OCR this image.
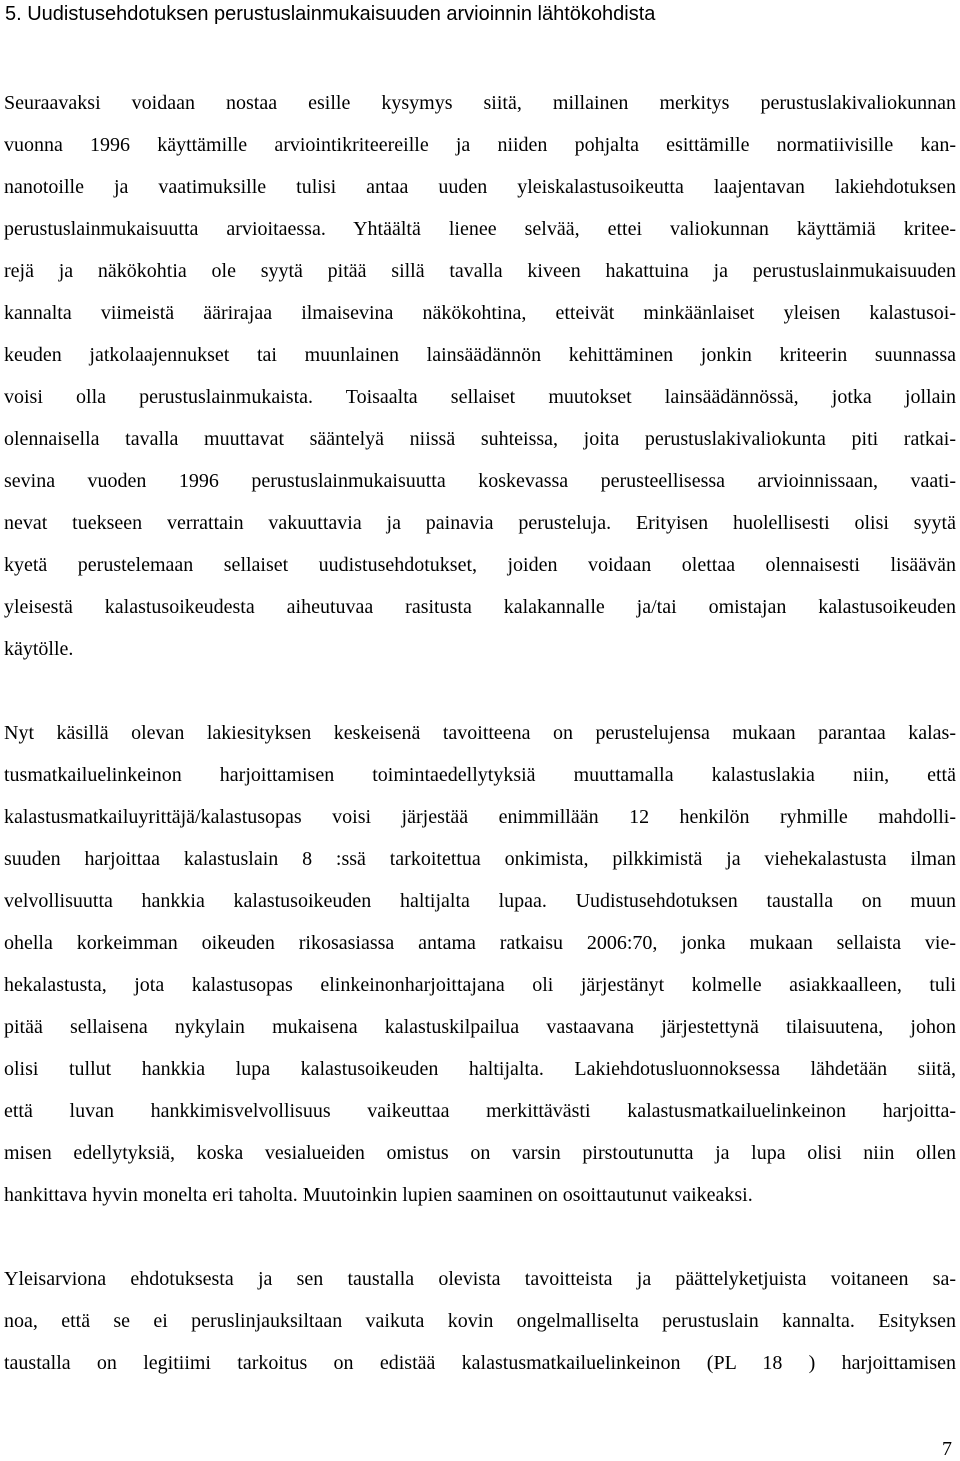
5. Uudistusehdotuksen perustuslainmukaisuuden arvioinnin lähtökohdista
Seuraavaksi voidaan nostaa esille kysymys siitä, millainen merkitys perustuslakivaliokunnan
vuonna 1996 käyttämille arviointikriteereille ja niiden pohjalta esittämille normatiivisille kan-
nanotoille ja vaatimuksille tulisi antaa uuden yleiskalastusoikeutta laajentavan lakiehdotuksen
perustuslainmukaisuutta arvioitaessa. Yhtäältä lienee selvää, ettei valiokunnan käyttämiä kritee-
rejä ja näkökohtia ole syytä pitää sillä tavalla kiveen hakattuina ja perustuslainmukaisuuden
kannalta viimeistä äärirajaa ilmaisevina näkökohtina, etteivät minkäänlaiset yleisen kalastusoi-
keuden jatkolaajennukset tai muunlainen lainsäädännön kehittäminen jonkin kriteerin suunnassa
voisi olla perustuslainmukaista. Toisaalta sellaiset muutokset lainsäädännössä, jotka jollain
olennaisella tavalla muuttavat sääntelyä niissä suhteissa, joita perustuslakivaliokunta piti ratkai-
sevina vuoden 1996 perustuslainmukaisuutta koskevassa perusteellisessa arvioinnissaan, vaati-
nevat tuekseen verrattain vakuuttavia ja painavia perusteluja. Erityisen huolellisesti olisi syytä
kyetä perustelemaan sellaiset uudistusehdotukset, joiden voidaan olettaa olennaisesti lisäävän
yleisestä kalastusoikeudesta aiheutuvaa rasitusta kalakannalle ja/tai omistajan kalastusoikeuden
käytölle.
Nyt käsillä olevan lakiesityksen keskeisenä tavoitteena on perustelujensa mukaan parantaa kalas-
tusmatkailuelinkeinon harjoittamisen toimintaedellytyksiä muuttamalla kalastuslakia niin, että
kalastusmatkailuyrittäjä/kalastusopas voisi järjestää enimmillään 12 henkilön ryhmille mahdolli-
suuden harjoittaa kalastuslain 8 :ssä tarkoitettua onkimista, pilkkimistä ja viehekalastusta ilman
velvollisuutta hankkia kalastusoikeuden haltijalta lupaa. Uudistusehdotuksen taustalla on muun
ohella korkeimman oikeuden rikosasiassa antama ratkaisu 2006:70, jonka mukaan sellaista vie-
hekalastusta, jota kalastusopas elinkeinonharjoittajana oli järjestänyt kolmelle asiakkaalleen, tuli
pitää sellaisena nykylain mukaisena kalastuskilpailua vastaavana järjestettynä tilaisuutena, johon
olisi tullut hankkia lupa kalastusoikeuden haltijalta. Lakiehdotusluonnoksessa lähdetään siitä,
että luvan hankkimisvelvollisuus vaikeuttaa merkittävästi kalastusmatkailuelinkeinon harjoitta-
misen edellytyksiä, koska vesialueiden omistus on varsin pirstoutunutta ja lupa olisi niin ollen
hankittava hyvin monelta eri taholta. Muutoinkin lupien saaminen on osoittautunut vaikeaksi.
Yleisarviona ehdotuksesta ja sen taustalla olevista tavoitteista ja päättelyketjuista voitaneen sa-
noa, että se ei peruslinjauksiltaan vaikuta kovin ongelmalliselta perustuslain kannalta. Esityksen
taustalla on legitiimi tarkoitus on edistää kalastusmatkailuelinkeinon (PL 18 ) harjoittamisen
7
